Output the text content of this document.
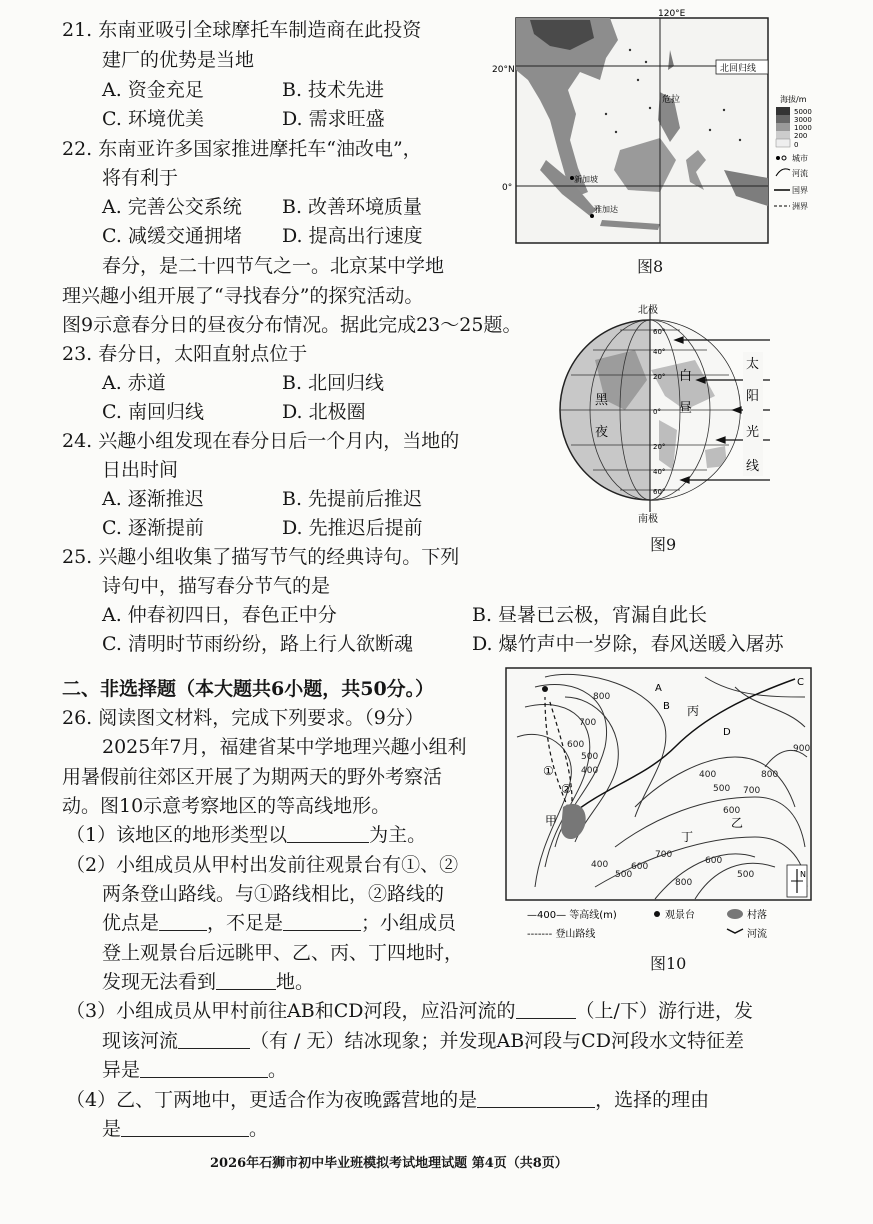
21. 东南亚吸引全球摩托车制造商在此投资
建厂的优势是当地
A. 资金充足	B. 技术先进
C. 环境优美	D. 需求旺盛
22. 东南亚许多国家推进摩托车“油改电”，
将有利于
A. 完善公交系统 B. 改善环境质量
C. 减缓交通拥堵 D. 提高出行速度
春分，是二十四节气之一。北京某中学地
理兴趣小组开展了“寻找春分”的探究活动。
图9示意春分日的昼夜分布情况。据此完成23～25题。
23. 春分日，太阳直射点位于
A. 赤道	B. 北回归线
C. 南回归线	D. 北极圈
24. 兴趣小组发现在春分日后一个月内，当地的
日出时间
A. 逐渐推迟	B. 先提前后推迟
C. 逐渐提前	D. 先推迟后提前
25. 兴趣小组收集了描写节气的经典诗句。下列
诗句中，描写春分节气的是
A. 仲春初四日，春色正中分	B. 昼暑已云极，宵漏自此长
C. 清明时节雨纷纷，路上行人欲断魂	D. 爆竹声中一岁除，春风送暖入屠苏
二、非选择题（本大题共6小题，共50分。）
26. 阅读图文材料，完成下列要求。（9分）
2025年7月，福建省某中学地理兴趣小组利
用暑假前往郊区开展了为期两天的野外考察活
动。图10示意考察地区的等高线地形。
（1）该地区的地形类型以	为主。
（2）小组成员从甲村出发前往观景台有①、②
两条登山路线。与①路线相比，②路线的
优点是	，不足是	；小组成员
登上观景台后远眺甲、乙、丙、丁四地时，
发现无法看到	地。
（3）小组成员从甲村前往AB和CD河段，应沿河流的	（上/下）游行进，发
现该河流	（有 / 无）结冰现象；并发现AB河段与CD河段水文特征差
异是	。
（4）乙、丁两地中，更适合作为夜晚露营地的是	，选择的理由
是	。
120°E
20°N
0°
北回归线
危拉
新加坡
雅加达
海拔/m
5000
3000
1000
200
0
城市
河流
国界
洲界
图8
北极
南极
60°
40°
20°
0°
20°
40°
60°
黑
夜
白
昼
太
阳
光
线
图9
A
B
C
D
丙
甲	乙
丁
①
②
800
700
600
500
400
400
500
600
700
800
900
400
500
600
700
800
600
500	N
—400— 等高线(m)	观景台	村落
------- 登山路线	河流
图10
2026年石狮市初中毕业班模拟考试地理试题 第4页（共8页）
